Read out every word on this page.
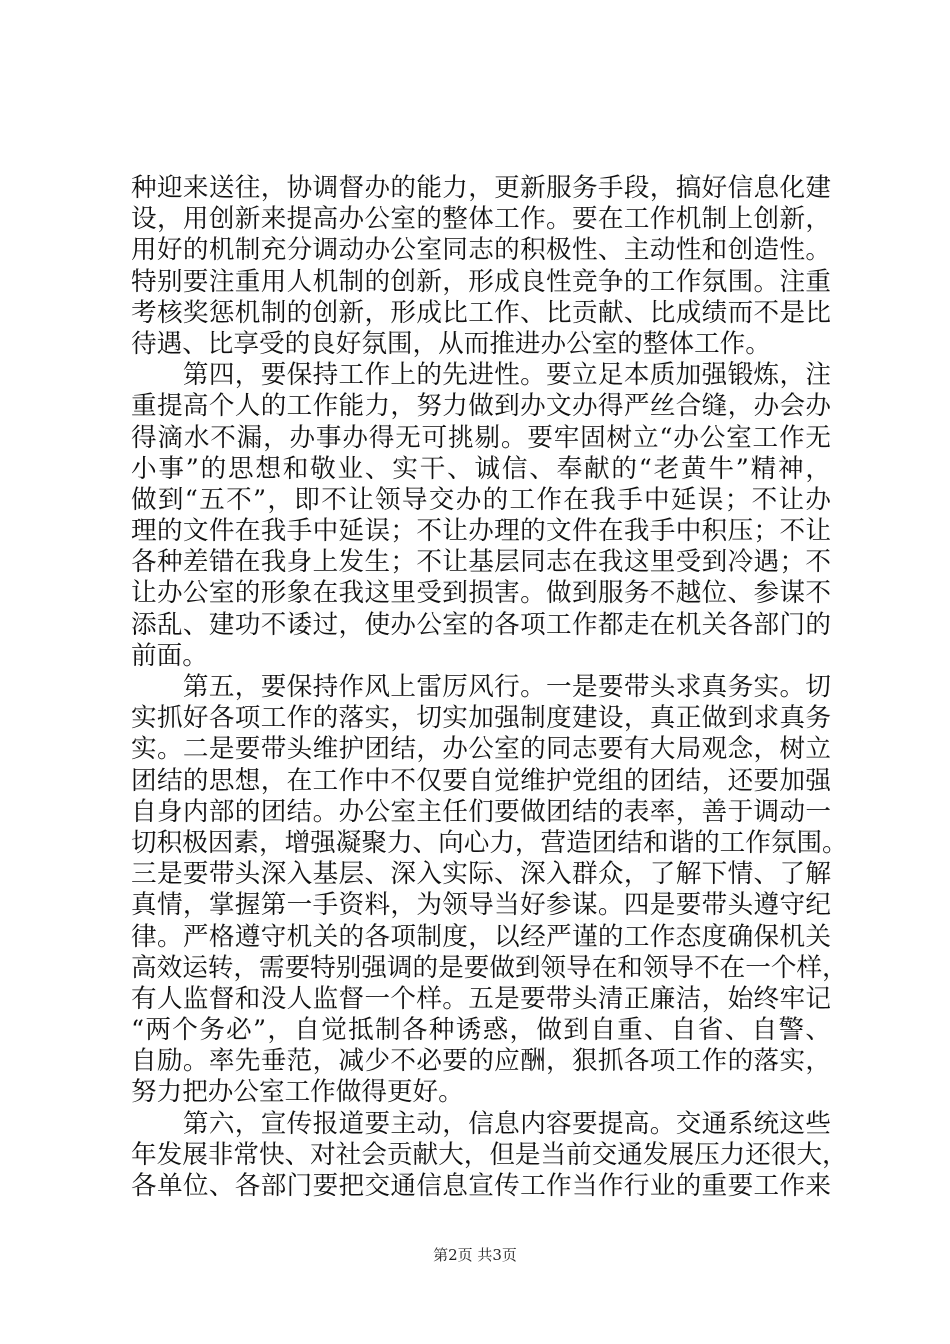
种迎来送往，协调督办的能力，更新服务手段，搞好信息化建
设，用创新来提高办公室的整体工作。要在工作机制上创新，
用好的机制充分调动办公室同志的积极性、主动性和创造性。
特别要注重用人机制的创新，形成良性竞争的工作氛围。注重
考核奖惩机制的创新，形成比工作、比贡献、比成绩而不是比
待遇、比享受的良好氛围，从而推进办公室的整体工作。
　　第四，要保持工作上的先进性。要立足本质加强锻炼，注
重提高个人的工作能力，努力做到办文办得严丝合缝，办会办
得滴水不漏，办事办得无可挑剔。要牢固树立“办公室工作无
小事”的思想和敬业、实干、诚信、奉献的“老黄牛”精神，
做到“五不”，即不让领导交办的工作在我手中延误；不让办
理的文件在我手中延误；不让办理的文件在我手中积压；不让
各种差错在我身上发生；不让基层同志在我这里受到冷遇；不
让办公室的形象在我这里受到损害。做到服务不越位、参谋不
添乱、建功不诿过，使办公室的各项工作都走在机关各部门的
前面。
　　第五，要保持作风上雷厉风行。一是要带头求真务实。切
实抓好各项工作的落实，切实加强制度建设，真正做到求真务
实。二是要带头维护团结，办公室的同志要有大局观念，树立
团结的思想，在工作中不仅要自觉维护党组的团结，还要加强
自身内部的团结。办公室主任们要做团结的表率，善于调动一
切积极因素，增强凝聚力、向心力，营造团结和谐的工作氛围。
三是要带头深入基层、深入实际、深入群众，了解下情、了解
真情，掌握第一手资料，为领导当好参谋。四是要带头遵守纪
律。严格遵守机关的各项制度，以经严谨的工作态度确保机关
高效运转，需要特别强调的是要做到领导在和领导不在一个样，
有人监督和没人监督一个样。五是要带头清正廉洁，始终牢记
“两个务必”，自觉抵制各种诱惑，做到自重、自省、自警、
自励。率先垂范，减少不必要的应酬，狠抓各项工作的落实，
努力把办公室工作做得更好。
　　第六，宣传报道要主动，信息内容要提高。交通系统这些
年发展非常快、对社会贡献大，但是当前交通发展压力还很大，
各单位、各部门要把交通信息宣传工作当作行业的重要工作来
第2页 共3页
